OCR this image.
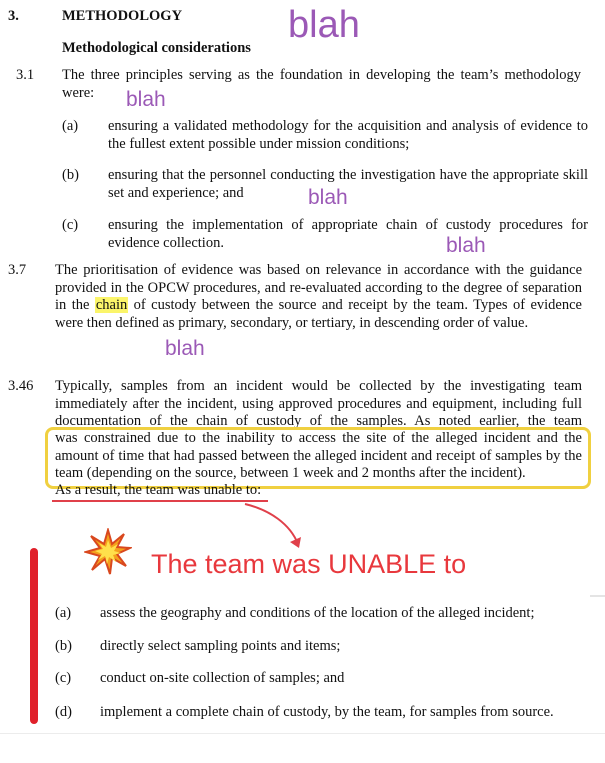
3.	METHODOLOGY
Methodological considerations
blah
blah
blah
blah
blah
3.1 The three principles serving as the foundation in developing the team’s methodology were:
(a) ensuring a validated methodology for the acquisition and analysis of evidence to the fullest extent possible under mission conditions;
(b) ensuring that the personnel conducting the investigation have the appropriate skill set and experience; and
(c) ensuring the implementation of appropriate chain of custody procedures for evidence collection.
3.7 The prioritisation of evidence was based on relevance in accordance with the guidance provided in the OPCW procedures, and re-evaluated according to the degree of separation in the chain of custody between the source and receipt by the team. Types of evidence were then defined as primary, secondary, or tertiary, in descending order of value.
3.46 Typically, samples from an incident would be collected by the investigating team immediately after the incident, using approved procedures and equipment, including full documentation of the chain of custody of the samples. As noted earlier, the team
was constrained due to the inability to access the site of the alleged incident and the amount of time that had passed between the alleged incident and receipt of samples by the team (depending on the source, between 1 week and 2 months after the incident).
As a result, the team was unable to:
The team was UNABLE to
(a) assess the geography and conditions of the location of the alleged incident;
(b) directly select sampling points and items;
(c) conduct on-site collection of samples; and
(d) implement a complete chain of custody, by the team, for samples from source.
